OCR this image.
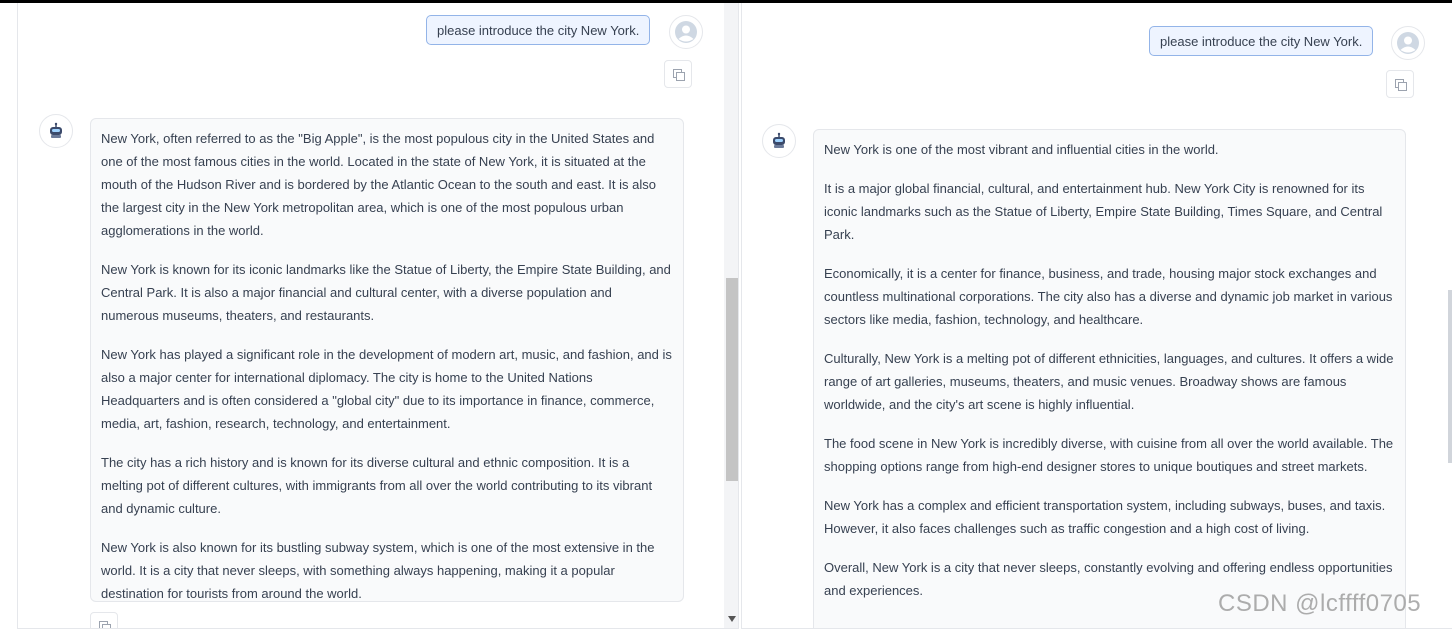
please introduce the city New York.

New York, often referred to as the "Big Apple", is the most populous city in the United States and one of the most famous cities in the world. Located in the state of New York, it is situated at the mouth of the Hudson River and is bordered by the Atlantic Ocean to the south and east. It is also the largest city in the New York metropolitan area, which is one of the most populous urban agglomerations in the world.

New York is known for its iconic landmarks like the Statue of Liberty, the Empire State Building, and Central Park. It is also a major financial and cultural center, with a diverse population and numerous museums, theaters, and restaurants.

New York has played a significant role in the development of modern art, music, and fashion, and is also a major center for international diplomacy. The city is home to the United Nations Headquarters and is often considered a "global city" due to its importance in finance, commerce, media, art, fashion, research, technology, and entertainment.

The city has a rich history and is known for its diverse cultural and ethnic composition. It is a melting pot of different cultures, with immigrants from all over the world contributing to its vibrant and dynamic culture.

New York is also known for its bustling subway system, which is one of the most extensive in the world. It is a city that never sleeps, with something always happening, making it a popular destination for tourists from around the world.

please introduce the city New York.

New York is one of the most vibrant and influential cities in the world.

It is a major global financial, cultural, and entertainment hub. New York City is renowned for its iconic landmarks such as the Statue of Liberty, Empire State Building, Times Square, and Central Park.

Economically, it is a center for finance, business, and trade, housing major stock exchanges and countless multinational corporations. The city also has a diverse and dynamic job market in various sectors like media, fashion, technology, and healthcare.

Culturally, New York is a melting pot of different ethnicities, languages, and cultures. It offers a wide range of art galleries, museums, theaters, and music venues. Broadway shows are famous worldwide, and the city's art scene is highly influential.

The food scene in New York is incredibly diverse, with cuisine from all over the world available. The shopping options range from high-end designer stores to unique boutiques and street markets.

New York has a complex and efficient transportation system, including subways, buses, and taxis. However, it also faces challenges such as traffic congestion and a high cost of living.

Overall, New York is a city that never sleeps, constantly evolving and offering endless opportunities and experiences.	CSDN @lcffff0705
